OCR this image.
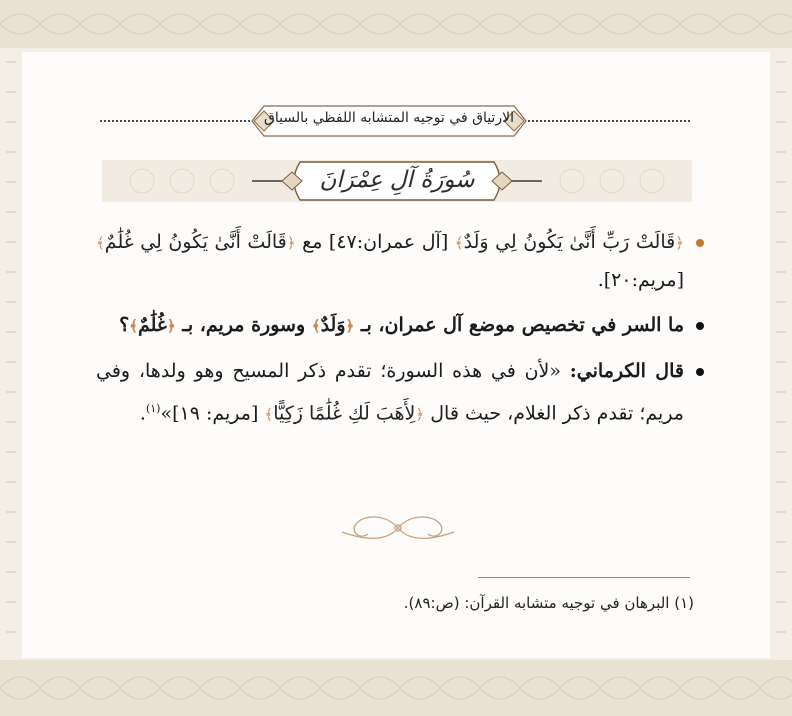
الارتياق في توجيه المتشابه اللفظي بالسياق
سُورَةُ آلِ عِمْرَانَ
﴿قَالَتْ رَبِّ أَنَّىٰ يَكُونُ لِي وَلَدٌ﴾ [آل عمران:٤٧] مع ﴿قَالَتْ أَنَّىٰ يَكُونُ لِي غُلَٰمٌ﴾ [مريم:٢٠].
ما السر في تخصيص موضع آل عمران، بـ ﴿وَلَدٌ﴾ وسورة مريم، بـ ﴿غُلَٰمٌ﴾؟
قال الكرماني: «لأن في هذه السورة؛ تقدم ذكر المسيح وهو ولدها، وفي مريم؛ تقدم ذكر الغلام، حيث قال ﴿لِأَهَبَ لَكِ غُلَٰمًا زَكِيًّا﴾ [مريم: ١٩]»$^{(١)}$.
(١) البرهان في توجيه متشابه القرآن: (ص:٨٩).
